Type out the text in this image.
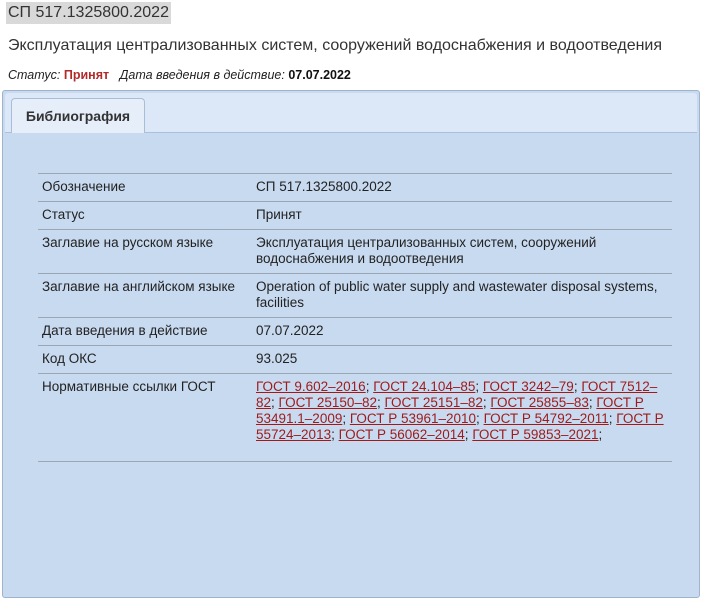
СП 517.1325800.2022
Эксплуатация централизованных систем, сооружений водоснабжения и водоотведения
Статус: Принят Дата введения в действие: 07.07.2022
Библиография
Обозначение	СП 517.1325800.2022
Статус	Принят
Заглавие на русском языке	Эксплуатация централизованных систем, сооружений водоснабжения и водоотведения
Заглавие на английском языке	Operation of public water supply and wastewater disposal systems, facilities
Дата введения в действие	07.07.2022
Код ОКС	93.025
Нормативные ссылки ГОСТ	ГОСТ 9.602–2016; ГОСТ 24.104–85; ГОСТ 3242–79; ГОСТ 7512–82; ГОСТ 25150–82; ГОСТ 25151–82; ГОСТ 25855–83; ГОСТ Р 53491.1–2009; ГОСТ Р 53961–2010; ГОСТ Р 54792–2011; ГОСТ Р 55724–2013; ГОСТ Р 56062–2014; ГОСТ Р 59853–2021;
